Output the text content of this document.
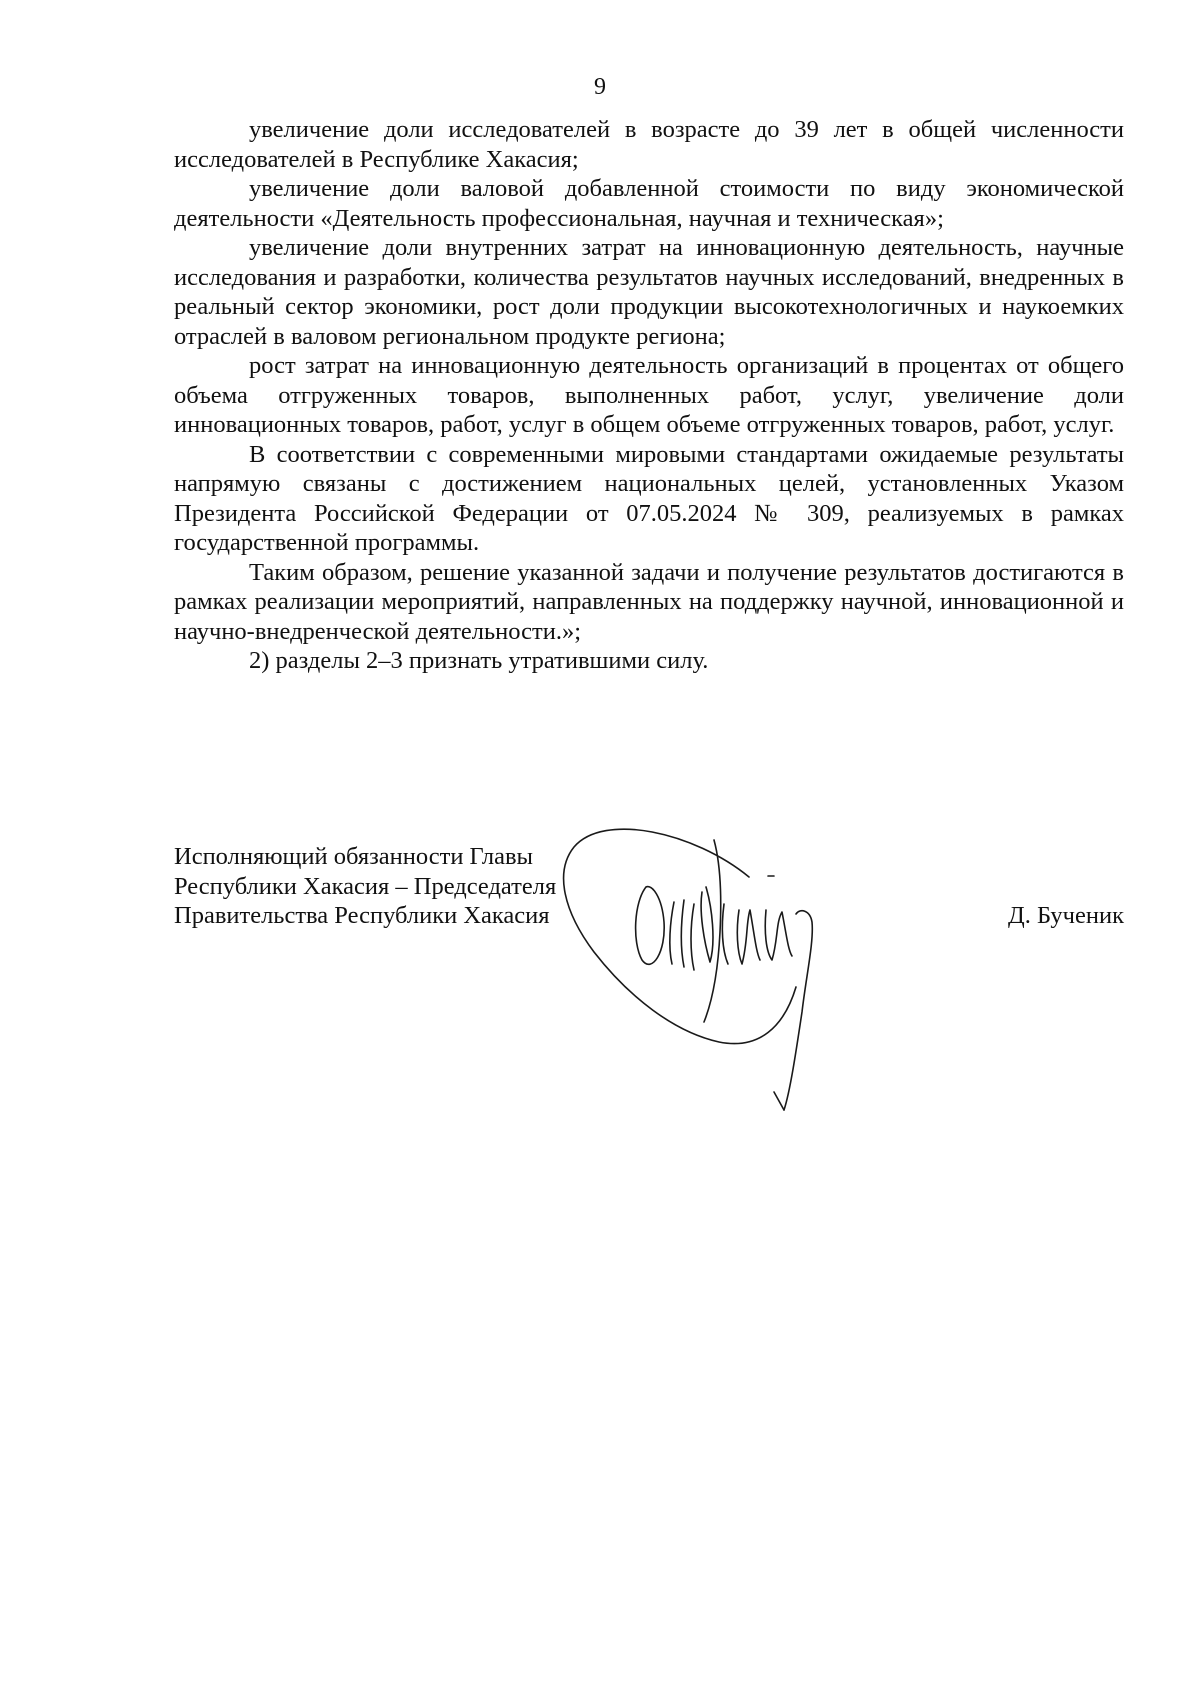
9

увеличение доли исследователей в возрасте до 39 лет в общей численности исследователей в Республике Хакасия;

увеличение доли валовой добавленной стоимости по виду экономической деятельности «Деятельность профессиональная, научная и техническая»;

увеличение доли внутренних затрат на инновационную деятельность, научные исследования и разработки, количества результатов научных исследований, внедренных в реальный сектор экономики, рост доли продукции высокотехнологичных и наукоемких отраслей в валовом региональном продукте региона;

рост затрат на инновационную деятельность организаций в процентах от общего объема отгруженных товаров, выполненных работ, услуг, увеличение доли инновационных товаров, работ, услуг в общем объеме отгруженных товаров, работ, услуг.

В соответствии с современными мировыми стандартами ожидаемые результаты напрямую связаны с достижением национальных целей, установленных Указом Президента Российской Федерации от 07.05.2024 № 309, реализуемых в рамках государственной программы.

Таким образом, решение указанной задачи и получение результатов достигаются в рамках реализации мероприятий, направленных на поддержку научной, инновационной и научно-внедренческой деятельности.»;

2) разделы 2–3 признать утратившими силу.

Исполняющий обязанности Главы
Республики Хакасия – Председателя
Правительства Республики Хакасия	Д. Бученик
